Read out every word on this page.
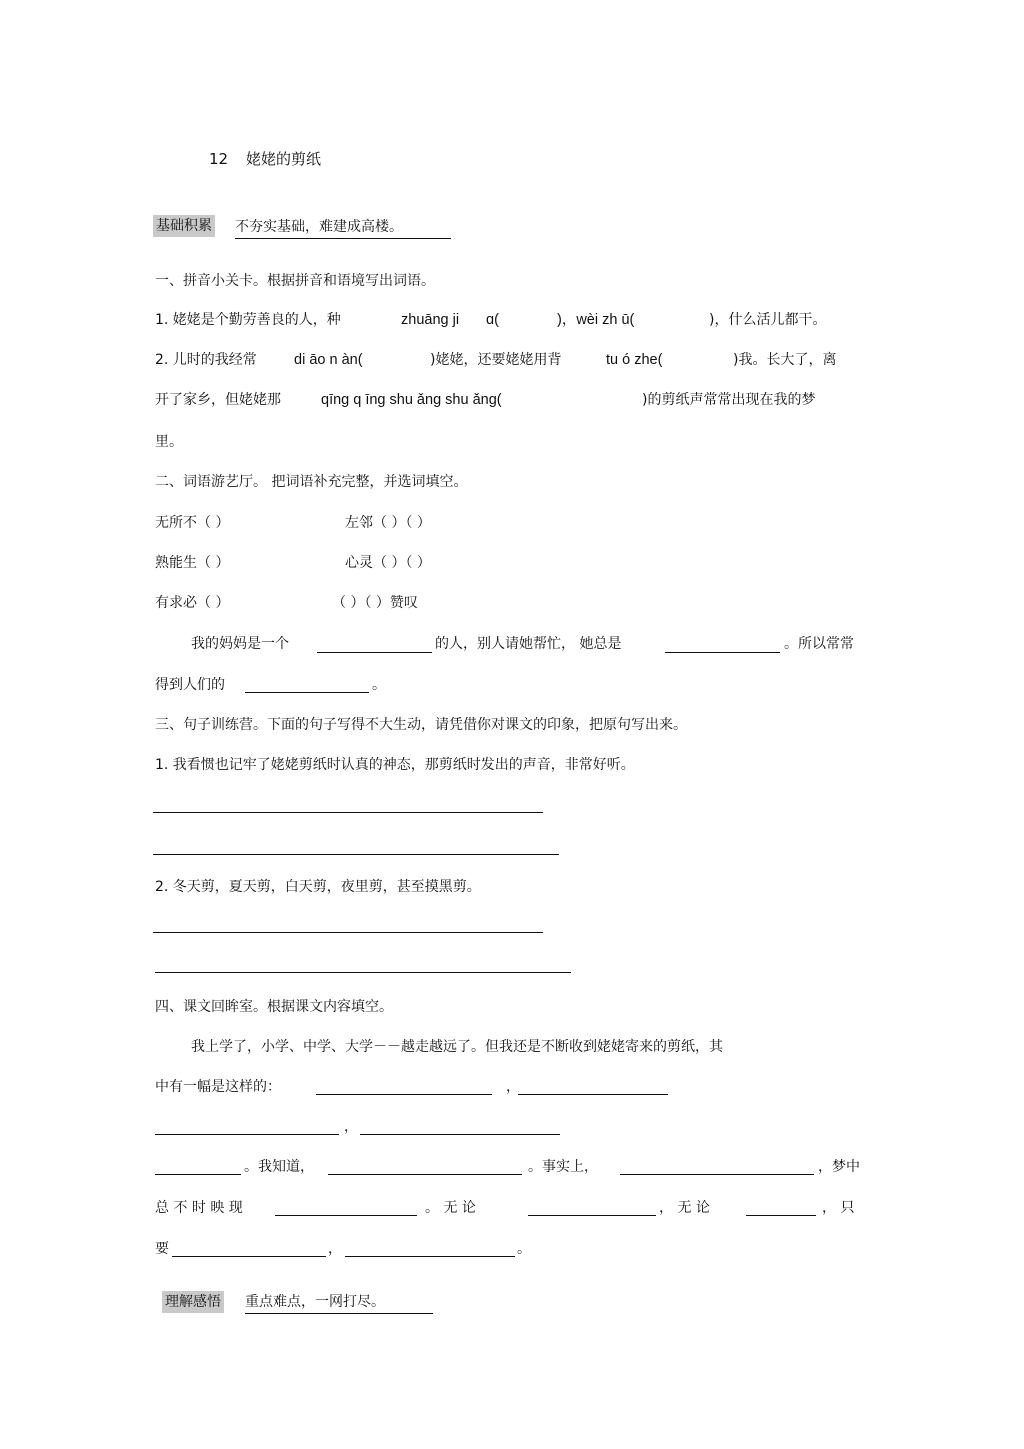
12 姥姥的剪纸
基础积累 不夯实基础，难建成高楼。
一、拼音小关卡。根据拼音和语境写出词语。
1. 姥姥是个勤劳善良的人，种	zhuāng ji ɑ(	)，wèi zh ū(	)，什么活儿都干。
2. 儿时的我经常	di āo n àn(	)姥姥，还要姥姥用背	tu ó zhe(	)我。长大了，离
开了家乡，但姥姥那	qīng q īng shu ǎng shu ǎng(	)的剪纸声常常出现在我的梦
里。
二、词语游艺厅。 把词语补充完整，并选词填空。
无所不（ ）	左邻（ ）（ ）
熟能生（ ）	心灵（ ）（ ）
有求必（ ）	（ ）（ ）赞叹
我的妈妈是一个	的人，别人请她帮忙， 她总是	。所以常常
得到人们的	。
三、句子训练营。下面的句子写得不大生动，请凭借你对课文的印象，把原句写出来。
1. 我看惯也记牢了姥姥剪纸时认真的神态，那剪纸时发出的声音，非常好听。
2. 冬天剪，夏天剪，白天剪，夜里剪，甚至摸黑剪。
四、课文回眸室。根据课文内容填空。
我上学了，小学、中学、大学－－越走越远了。但我还是不断收到姥姥寄来的剪纸，其
中有一幅是这样的：	，
，
。我知道，	。事实上，	，梦中
总 不 时 映 现	。 无 论	， 无 论	， 只
要	，	。
理解感悟 重点难点，一网打尽。
